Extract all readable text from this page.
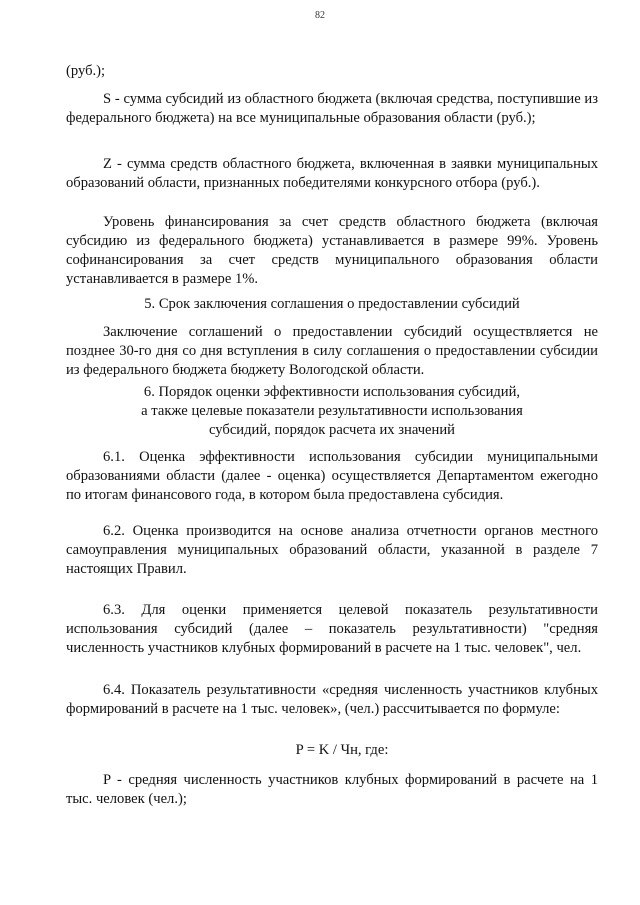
82

(руб.);

S - сумма субсидий из областного бюджета (включая средства, поступившие из федерального бюджета) на все муниципальные образования области (руб.);

Z - сумма средств областного бюджета, включенная в заявки муниципальных образований области, признанных победителями конкурсного отбора (руб.).

Уровень финансирования за счет средств областного бюджета (включая субсидию из федерального бюджета) устанавливается в размере 99%. Уровень софинансирования за счет средств муниципального образования области устанавливается в размере 1%.

5. Срок заключения соглашения о предоставлении субсидий

Заключение соглашений о предоставлении субсидий осуществляется не позднее 30-го дня со дня вступления в силу соглашения о предоставлении субсидии из федерального бюджета бюджету Вологодской области.

6. Порядок оценки эффективности использования субсидий,
а также целевые показатели результативности использования
субсидий, порядок расчета их значений

6.1. Оценка эффективности использования субсидии муниципальными образованиями области (далее - оценка) осуществляется Департаментом ежегодно по итогам финансового года, в котором была предоставлена субсидия.

6.2. Оценка производится на основе анализа отчетности органов местного самоуправления муниципальных образований области, указанной в разделе 7 настоящих Правил.

6.3. Для оценки применяется целевой показатель результативности использования субсидий (далее – показатель результативности) "средняя численность участников клубных формирований в расчете на 1 тыс. человек", чел.

6.4. Показатель результативности «средняя численность участников клубных формирований в расчете на 1 тыс. человек», (чел.) рассчитывается по формуле:

P = K / Чн, где:

P - средняя численность участников клубных формирований в расчете на 1 тыс. человек (чел.);
